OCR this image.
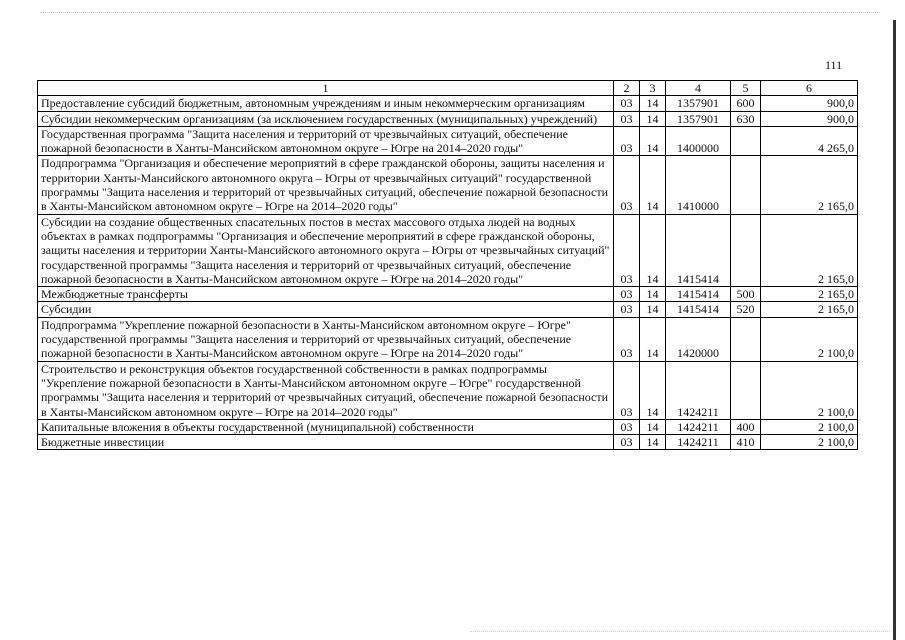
111
1	2	3	4	5	6
Предоставление субсидий бюджетным, автономным учреждениям и иным некоммерческим организациям	03	14	1357901	600	900,0
Субсидии некоммерческим организациям (за исключением государственных (муниципальных) учреждений)	03	14	1357901	630	900,0
Государственная программа "Защита населения и территорий от чрезвычайных ситуаций, обеспечение пожарной безопасности в Ханты-Мансийском автономном округе – Югре на 2014–2020 годы"	03	14	1400000		4 265,0
Подпрограмма "Организация и обеспечение мероприятий в сфере гражданской обороны, защиты населения и территории Ханты-Мансийского автономного округа – Югры от чрезвычайных ситуаций" государственной программы "Защита населения и территорий от чрезвычайных ситуаций, обеспечение пожарной безопасности в Ханты-Мансийском автономном округе – Югре на 2014–2020 годы"	03	14	1410000		2 165,0
Субсидии на создание общественных спасательных постов в местах массового отдыха людей на водных объектах в рамках подпрограммы "Организация и обеспечение мероприятий в сфере гражданской обороны, защиты населения и территории Ханты-Мансийского автономного округа – Югры от чрезвычайных ситуаций" государственной программы "Защита населения и территорий от чрезвычайных ситуаций, обеспечение пожарной безопасности в Ханты-Мансийском автономном округе – Югре на 2014–2020 годы"	03	14	1415414		2 165,0
Межбюджетные трансферты	03	14	1415414	500	2 165,0
Субсидии	03	14	1415414	520	2 165,0
Подпрограмма "Укрепление пожарной безопасности в Ханты-Мансийском автономном округе – Югре" государственной программы "Защита населения и территорий от чрезвычайных ситуаций, обеспечение пожарной безопасности в Ханты-Мансийском автономном округе – Югре на 2014–2020 годы"	03	14	1420000		2 100,0
Строительство и реконструкция объектов государственной собственности в рамках подпрограммы "Укрепление пожарной безопасности в Ханты-Мансийском автономном округе – Югре" государственной программы "Защита населения и территорий от чрезвычайных ситуаций, обеспечение пожарной безопасности в Ханты-Мансийском автономном округе – Югре на 2014–2020 годы"	03	14	1424211		2 100,0
Капитальные вложения в объекты государственной (муниципальной) собственности	03	14	1424211	400	2 100,0
Бюджетные инвестиции	03	14	1424211	410	2 100,0
